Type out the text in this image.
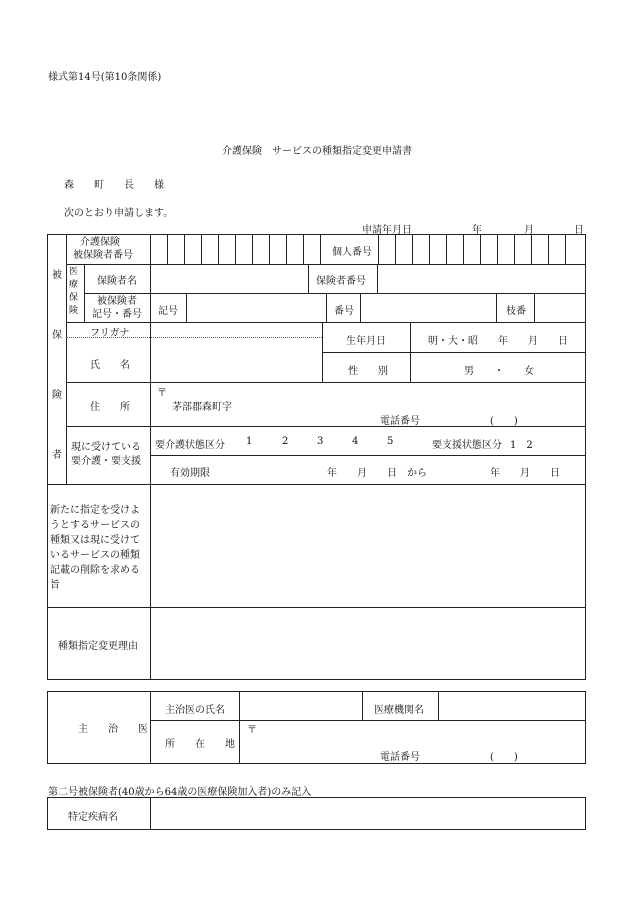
様式第14号(第10条関係)
介護保険　サービスの種類指定変更申請書
森　　町　　長　　様
次のとおり申請します。
申請年月日	年	月	日
被
保
険
者
介護保険
被保険者番号	個人番号
医
療
保
険
保険者名	保険者番号
被保険者
記号・番号 記号	番号	枝番
フリガナ
氏　　名
生年月日	明・大・昭　　年　　月　　日
性　　別	男　　・　　女
住　　所
〒
茅部郡森町字
電話番号	(　　)
現に受けている
要介護・要支援
要介護状態区分 1	2	3	4	5	要支援状態区分 1　2
有効期限	年　　月　　日　から	年　　月　　日
新たに指定を受けよ
うとするサービスの
種類又は現に受けて
いるサービスの種類
記載の削除を求める
旨
種類指定変更理由
主　　治　　医
主治医の氏名	医療機関名
所　　在　　地
〒
電話番号	(　　)
第二号被保険者(40歳から64歳の医療保険加入者)のみ記入
特定疾病名
